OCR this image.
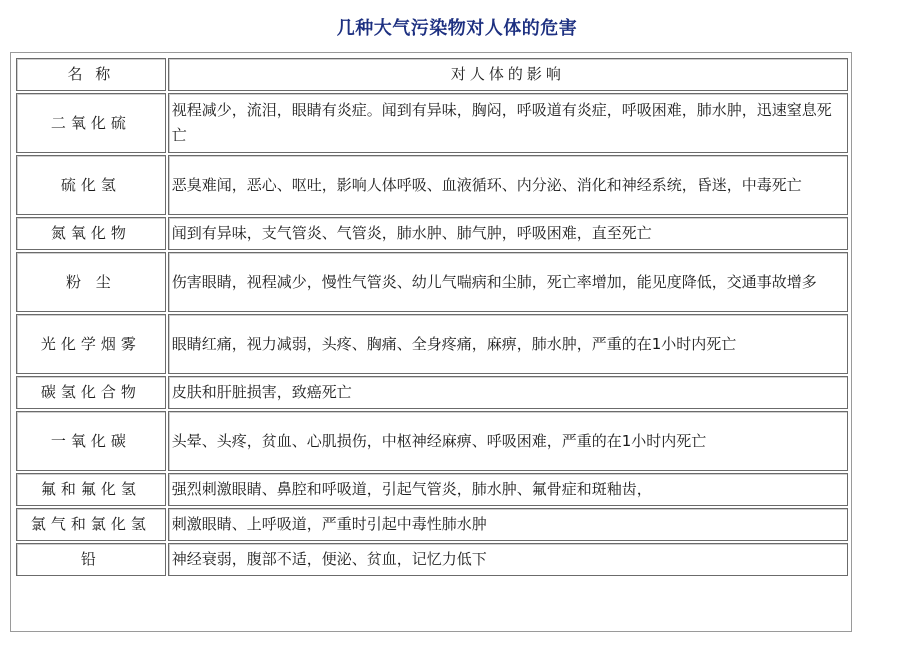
几种大气污染物对人体的危害
名 称	对人体的影响
二氧化硫	视程减少，流泪，眼睛有炎症。闻到有异味，胸闷，呼吸道有炎症，呼吸困难，肺水肿，迅速窒息死亡
硫化氢	恶臭难闻，恶心、呕吐，影响人体呼吸、血液循环、内分泌、消化和神经系统，昏迷，中毒死亡
氮氧化物	闻到有异味，支气管炎、气管炎，肺水肿、肺气肿，呼吸困难，直至死亡
粉 尘	伤害眼睛，视程减少，慢性气管炎、幼儿气喘病和尘肺，死亡率增加，能见度降低，交通事故增多
光化学烟雾	眼睛红痛，视力减弱，头疼、胸痛、全身疼痛，麻痹，肺水肿，严重的在1小时内死亡
碳氢化合物	皮肤和肝脏损害，致癌死亡
一氧化碳	头晕、头疼，贫血、心肌损伤，中枢神经麻痹、呼吸困难，严重的在1小时内死亡
氟和氟化氢	强烈刺激眼睛、鼻腔和呼吸道，引起气管炎，肺水肿、氟骨症和斑釉齿，
氯气和氯化氢	刺激眼睛、上呼吸道，严重时引起中毒性肺水肿
铅	神经衰弱，腹部不适，便泌、贫血，记忆力低下
